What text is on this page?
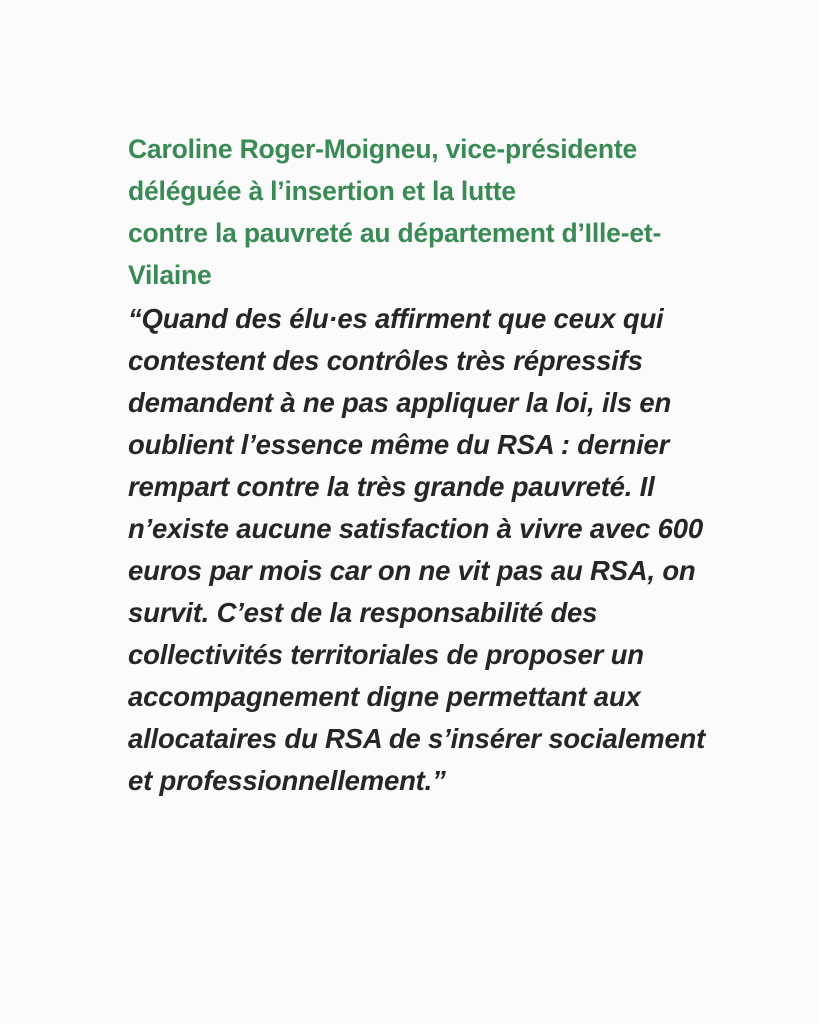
Caroline Roger-Moigneu, vice-présidente
déléguée à l’insertion et la lutte
contre la pauvreté au département d’Ille-et-
Vilaine
“Quand des élu·es affirment que ceux qui
contestent des contrôles très répressifs
demandent à ne pas appliquer la loi, ils en
oublient l’essence même du RSA : dernier
rempart contre la très grande pauvreté. Il
n’existe aucune satisfaction à vivre avec 600
euros par mois car on ne vit pas au RSA, on
survit. C’est de la responsabilité des
collectivités territoriales de proposer un
accompagnement digne permettant aux
allocataires du RSA de s’insérer socialement
et professionnellement.”
